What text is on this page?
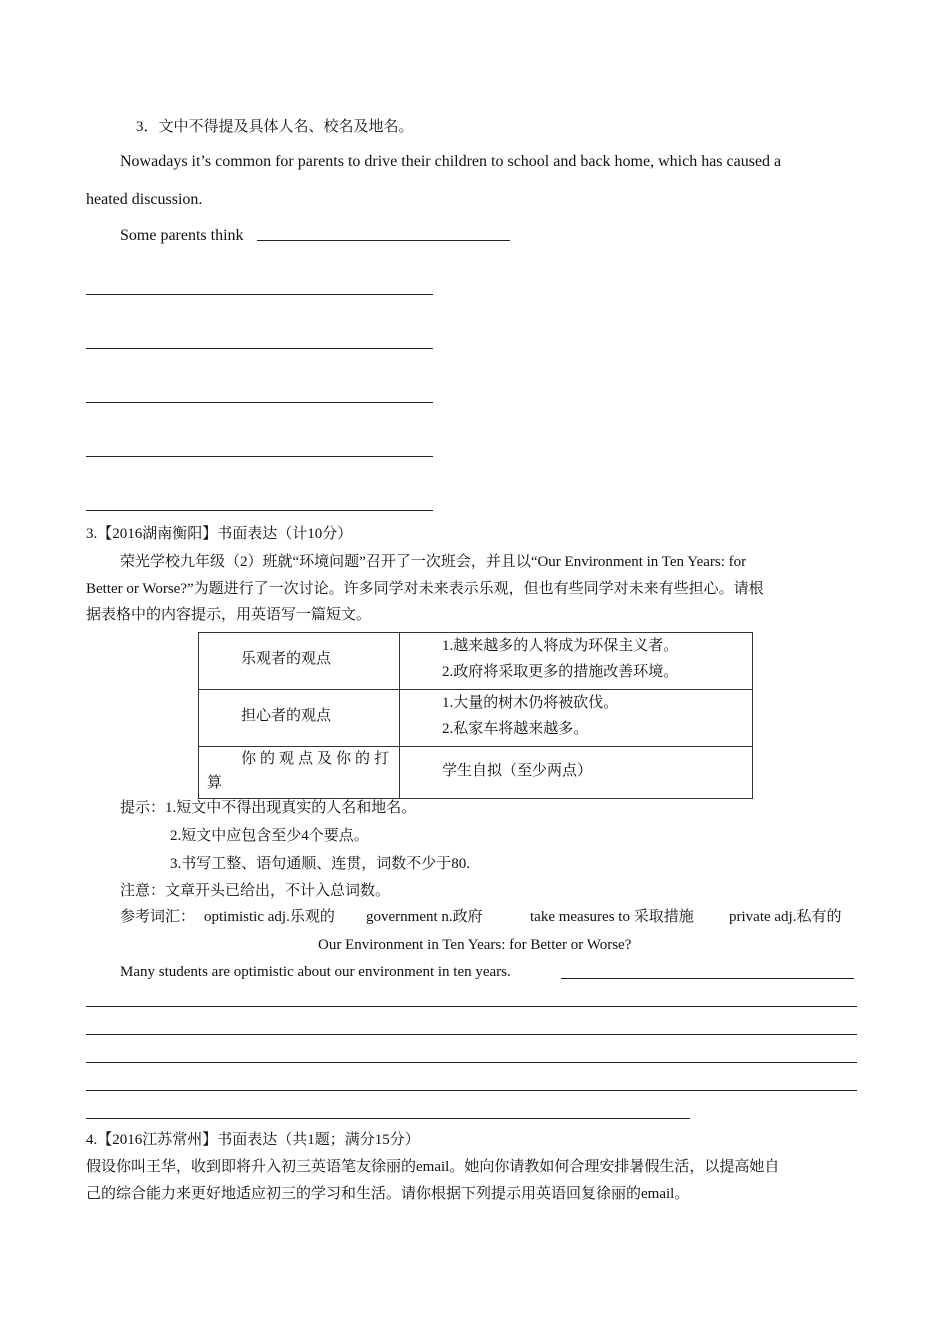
3．文中不得提及具体人名、校名及地名。
Nowadays it’s common for parents to drive their children to school and back home, which has caused a
heated discussion.
Some parents think
3.【2016湖南衡阳】书面表达（计10分）
荣光学校九年级（2）班就“环境问题”召开了一次班会，并且以“Our Environment in Ten Years: for
Better or Worse?”为题进行了一次讨论。许多同学对未来表示乐观，但也有些同学对未来有些担心。请根
据表格中的内容提示，用英语写一篇短文。
乐观者的观点	1.越来越多的人将成为环保主义者。
2.政府将采取更多的措施改善环境。

担心者的观点	1.大量的树木仍将被砍伐。
2.私家车将越来越多。

你的观点及你的打
算	学生自拟（至少两点）
提示：1.短文中不得出现真实的人名和地名。
2.短文中应包含至少4个要点。
3.书写工整、语句通顺、连贯，词数不少于80.
注意：文章开头已给出，不计入总词数。
参考词汇： optimistic adj.乐观的 government n.政府	take measures to 采取措施 private adj.私有的
Our Environment in Ten Years: for Better or Worse?
Many students are optimistic about our environment in ten years.
4.【2016江苏常州】书面表达（共1题；满分15分）
假设你叫王华，收到即将升入初三英语笔友徐丽的email。她向你请教如何合理安排暑假生活，以提高她自
己的综合能力来更好地适应初三的学习和生活。请你根据下列提示用英语回复徐丽的email。
